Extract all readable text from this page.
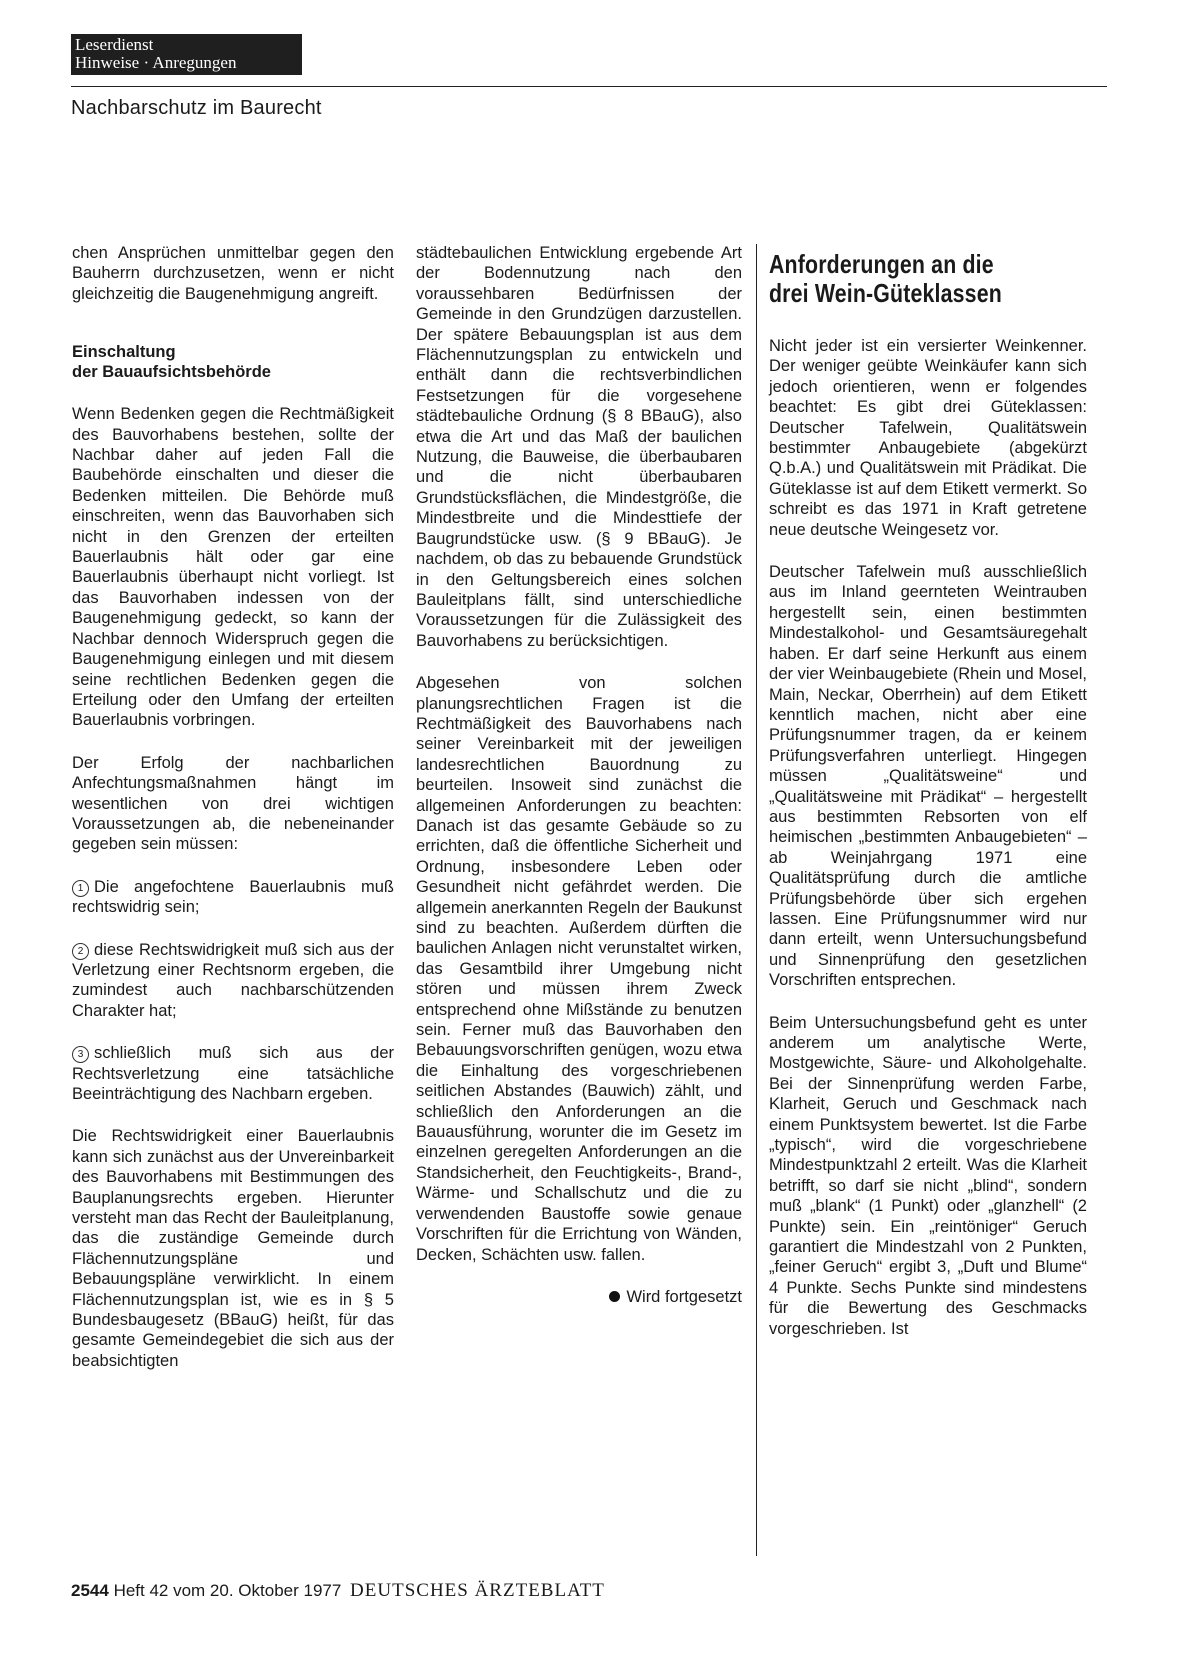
Leserdienst
Hinweise · Anregungen
Nachbarschutz im Baurecht

chen Ansprüchen unmittelbar gegen den Bauherrn durchzusetzen, wenn er nicht gleichzeitig die Baugenehmigung angreift.

Einschaltung
der Bauaufsichtsbehörde

Wenn Bedenken gegen die Rechtmäßigkeit des Bauvorhabens bestehen, sollte der Nachbar daher auf jeden Fall die Baubehörde einschalten und dieser die Bedenken mitteilen. Die Behörde muß einschreiten, wenn das Bauvorhaben sich nicht in den Grenzen der erteilten Bauerlaubnis hält oder gar eine Bauerlaubnis überhaupt nicht vorliegt. Ist das Bauvorhaben indessen von der Baugenehmigung gedeckt, so kann der Nachbar dennoch Widerspruch gegen die Baugenehmigung einlegen und mit diesem seine rechtlichen Bedenken gegen die Erteilung oder den Umfang der erteilten Bauerlaubnis vorbringen.

Der Erfolg der nachbarlichen Anfechtungsmaßnahmen hängt im wesentlichen von drei wichtigen Voraussetzungen ab, die nebeneinander gegeben sein müssen:

1 Die angefochtene Bauerlaubnis muß rechtswidrig sein;

2 diese Rechtswidrigkeit muß sich aus der Verletzung einer Rechtsnorm ergeben, die zumindest auch nachbarschützenden Charakter hat;

3 schließlich muß sich aus der Rechtsverletzung eine tatsächliche Beeinträchtigung des Nachbarn ergeben.

Die Rechtswidrigkeit einer Bauerlaubnis kann sich zunächst aus der Unvereinbarkeit des Bauvorhabens mit Bestimmungen des Bauplanungsrechts ergeben. Hierunter versteht man das Recht der Bauleitplanung, das die zuständige Gemeinde durch Flächennutzungspläne und Bebauungspläne verwirklicht. In einem Flächennutzungsplan ist, wie es in § 5 Bundesbaugesetz (BBauG) heißt, für das gesamte Gemeindegebiet die sich aus der beabsichtigten

städtebaulichen Entwicklung ergebende Art der Bodennutzung nach den voraussehbaren Bedürfnissen der Gemeinde in den Grundzügen darzustellen. Der spätere Bebauungsplan ist aus dem Flächennutzungsplan zu entwickeln und enthält dann die rechtsverbindlichen Festsetzungen für die vorgesehene städtebauliche Ordnung (§ 8 BBauG), also etwa die Art und das Maß der baulichen Nutzung, die Bauweise, die überbaubaren und die nicht überbaubaren Grundstücksflächen, die Mindestgröße, die Mindestbreite und die Mindesttiefe der Baugrundstücke usw. (§ 9 BBauG). Je nachdem, ob das zu bebauende Grundstück in den Geltungsbereich eines solchen Bauleitplans fällt, sind unterschiedliche Voraussetzungen für die Zulässigkeit des Bauvorhabens zu berücksichtigen.

Abgesehen von solchen planungsrechtlichen Fragen ist die Rechtmäßigkeit des Bauvorhabens nach seiner Vereinbarkeit mit der jeweiligen landesrechtlichen Bauordnung zu beurteilen. Insoweit sind zunächst die allgemeinen Anforderungen zu beachten: Danach ist das gesamte Gebäude so zu errichten, daß die öffentliche Sicherheit und Ordnung, insbesondere Leben oder Gesundheit nicht gefährdet werden. Die allgemein anerkannten Regeln der Baukunst sind zu beachten. Außerdem dürften die baulichen Anlagen nicht verunstaltet wirken, das Gesamtbild ihrer Umgebung nicht stören und müssen ihrem Zweck entsprechend ohne Mißstände zu benutzen sein. Ferner muß das Bauvorhaben den Bebauungsvorschriften genügen, wozu etwa die Einhaltung des vorgeschriebenen seitlichen Abstandes (Bauwich) zählt, und schließlich den Anforderungen an die Bauausführung, worunter die im Gesetz im einzelnen geregelten Anforderungen an die Standsicherheit, den Feuchtigkeits-, Brand-, Wärme- und Schallschutz und die zu verwendenden Baustoffe sowie genaue Vorschriften für die Errichtung von Wänden, Decken, Schächten usw. fallen.

Wird fortgesetzt
Anforderungen an die
drei Wein-Güteklassen

Nicht jeder ist ein versierter Weinkenner. Der weniger geübte Weinkäufer kann sich jedoch orientieren, wenn er folgendes beachtet: Es gibt drei Güteklassen: Deutscher Tafelwein, Qualitätswein bestimmter Anbaugebiete (abgekürzt Q.b.A.) und Qualitätswein mit Prädikat. Die Güteklasse ist auf dem Etikett vermerkt. So schreibt es das 1971 in Kraft getretene neue deutsche Weingesetz vor.

Deutscher Tafelwein muß ausschließlich aus im Inland geernteten Weintrauben hergestellt sein, einen bestimmten Mindestalkohol- und Gesamtsäuregehalt haben. Er darf seine Herkunft aus einem der vier Weinbaugebiete (Rhein und Mosel, Main, Neckar, Oberrhein) auf dem Etikett kenntlich machen, nicht aber eine Prüfungsnummer tragen, da er keinem Prüfungsverfahren unterliegt. Hingegen müssen „Qualitätsweine“ und „Qualitätsweine mit Prädikat“ – hergestellt aus bestimmten Rebsorten von elf heimischen „bestimmten Anbaugebieten“ – ab Weinjahrgang 1971 eine Qualitätsprüfung durch die amtliche Prüfungsbehörde über sich ergehen lassen. Eine Prüfungsnummer wird nur dann erteilt, wenn Untersuchungsbefund und Sinnenprüfung den gesetzlichen Vorschriften entsprechen.

Beim Untersuchungsbefund geht es unter anderem um analytische Werte, Mostgewichte, Säure- und Alkoholgehalte. Bei der Sinnenprüfung werden Farbe, Klarheit, Geruch und Geschmack nach einem Punktsystem bewertet. Ist die Farbe „typisch“, wird die vorgeschriebene Mindestpunktzahl 2 erteilt. Was die Klarheit betrifft, so darf sie nicht „blind“, sondern muß „blank“ (1 Punkt) oder „glanzhell“ (2 Punkte) sein. Ein „reintöniger“ Geruch garantiert die Mindestzahl von 2 Punkten, „feiner Geruch“ ergibt 3, „Duft und Blume“ 4 Punkte. Sechs Punkte sind mindestens für die Bewertung des Geschmacks vorgeschrieben. Ist

2544 Heft 42 vom 20. Oktober 1977 DEUTSCHES ÄRZTEBLATT
